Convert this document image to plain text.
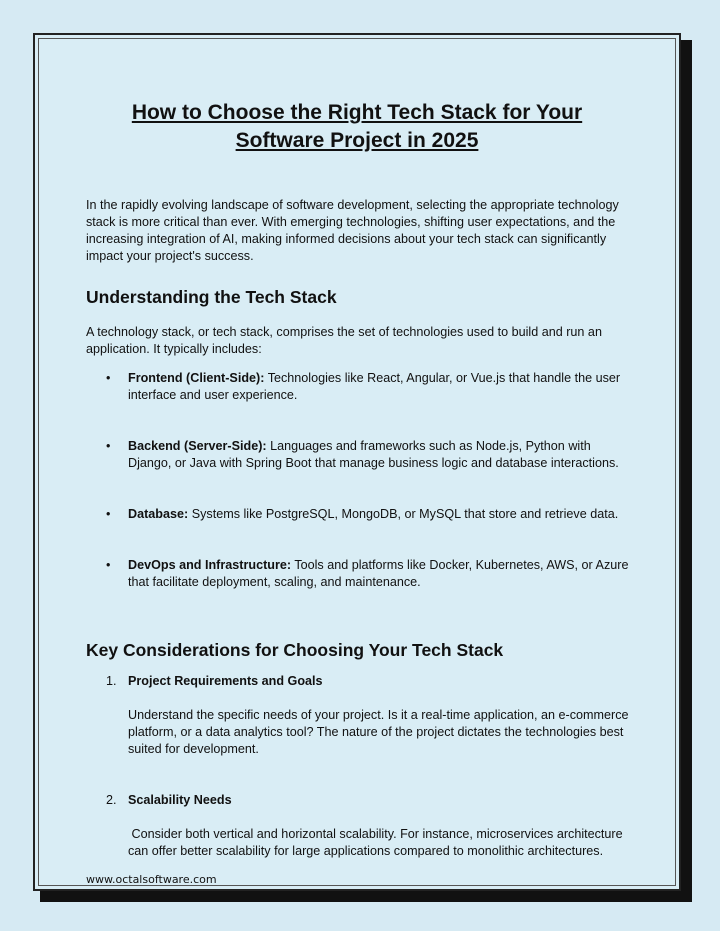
How to Choose the Right Tech Stack for Your Software Project in 2025

In the rapidly evolving landscape of software development, selecting the appropriate technology stack is more critical than ever. With emerging technologies, shifting user expectations, and the increasing integration of AI, making informed decisions about your tech stack can significantly impact your project's success.

Understanding the Tech Stack

A technology stack, or tech stack, comprises the set of technologies used to build and run an application. It typically includes:

• Frontend (Client-Side): Technologies like React, Angular, or Vue.js that handle the user interface and user experience.
• Backend (Server-Side): Languages and frameworks such as Node.js, Python with Django, or Java with Spring Boot that manage business logic and database interactions.
• Database: Systems like PostgreSQL, MongoDB, or MySQL that store and retrieve data.
• DevOps and Infrastructure: Tools and platforms like Docker, Kubernetes, AWS, or Azure that facilitate deployment, scaling, and maintenance.
Key Considerations for Choosing Your Tech Stack
1. Project Requirements and Goals

Understand the specific needs of your project. Is it a real-time application, an e-commerce platform, or a data analytics tool? The nature of the project dictates the technologies best suited for development.

2. Scalability Needs

Consider both vertical and horizontal scalability. For instance, microservices architecture can offer better scalability for large applications compared to monolithic architectures.

www.octalsoftware.com
